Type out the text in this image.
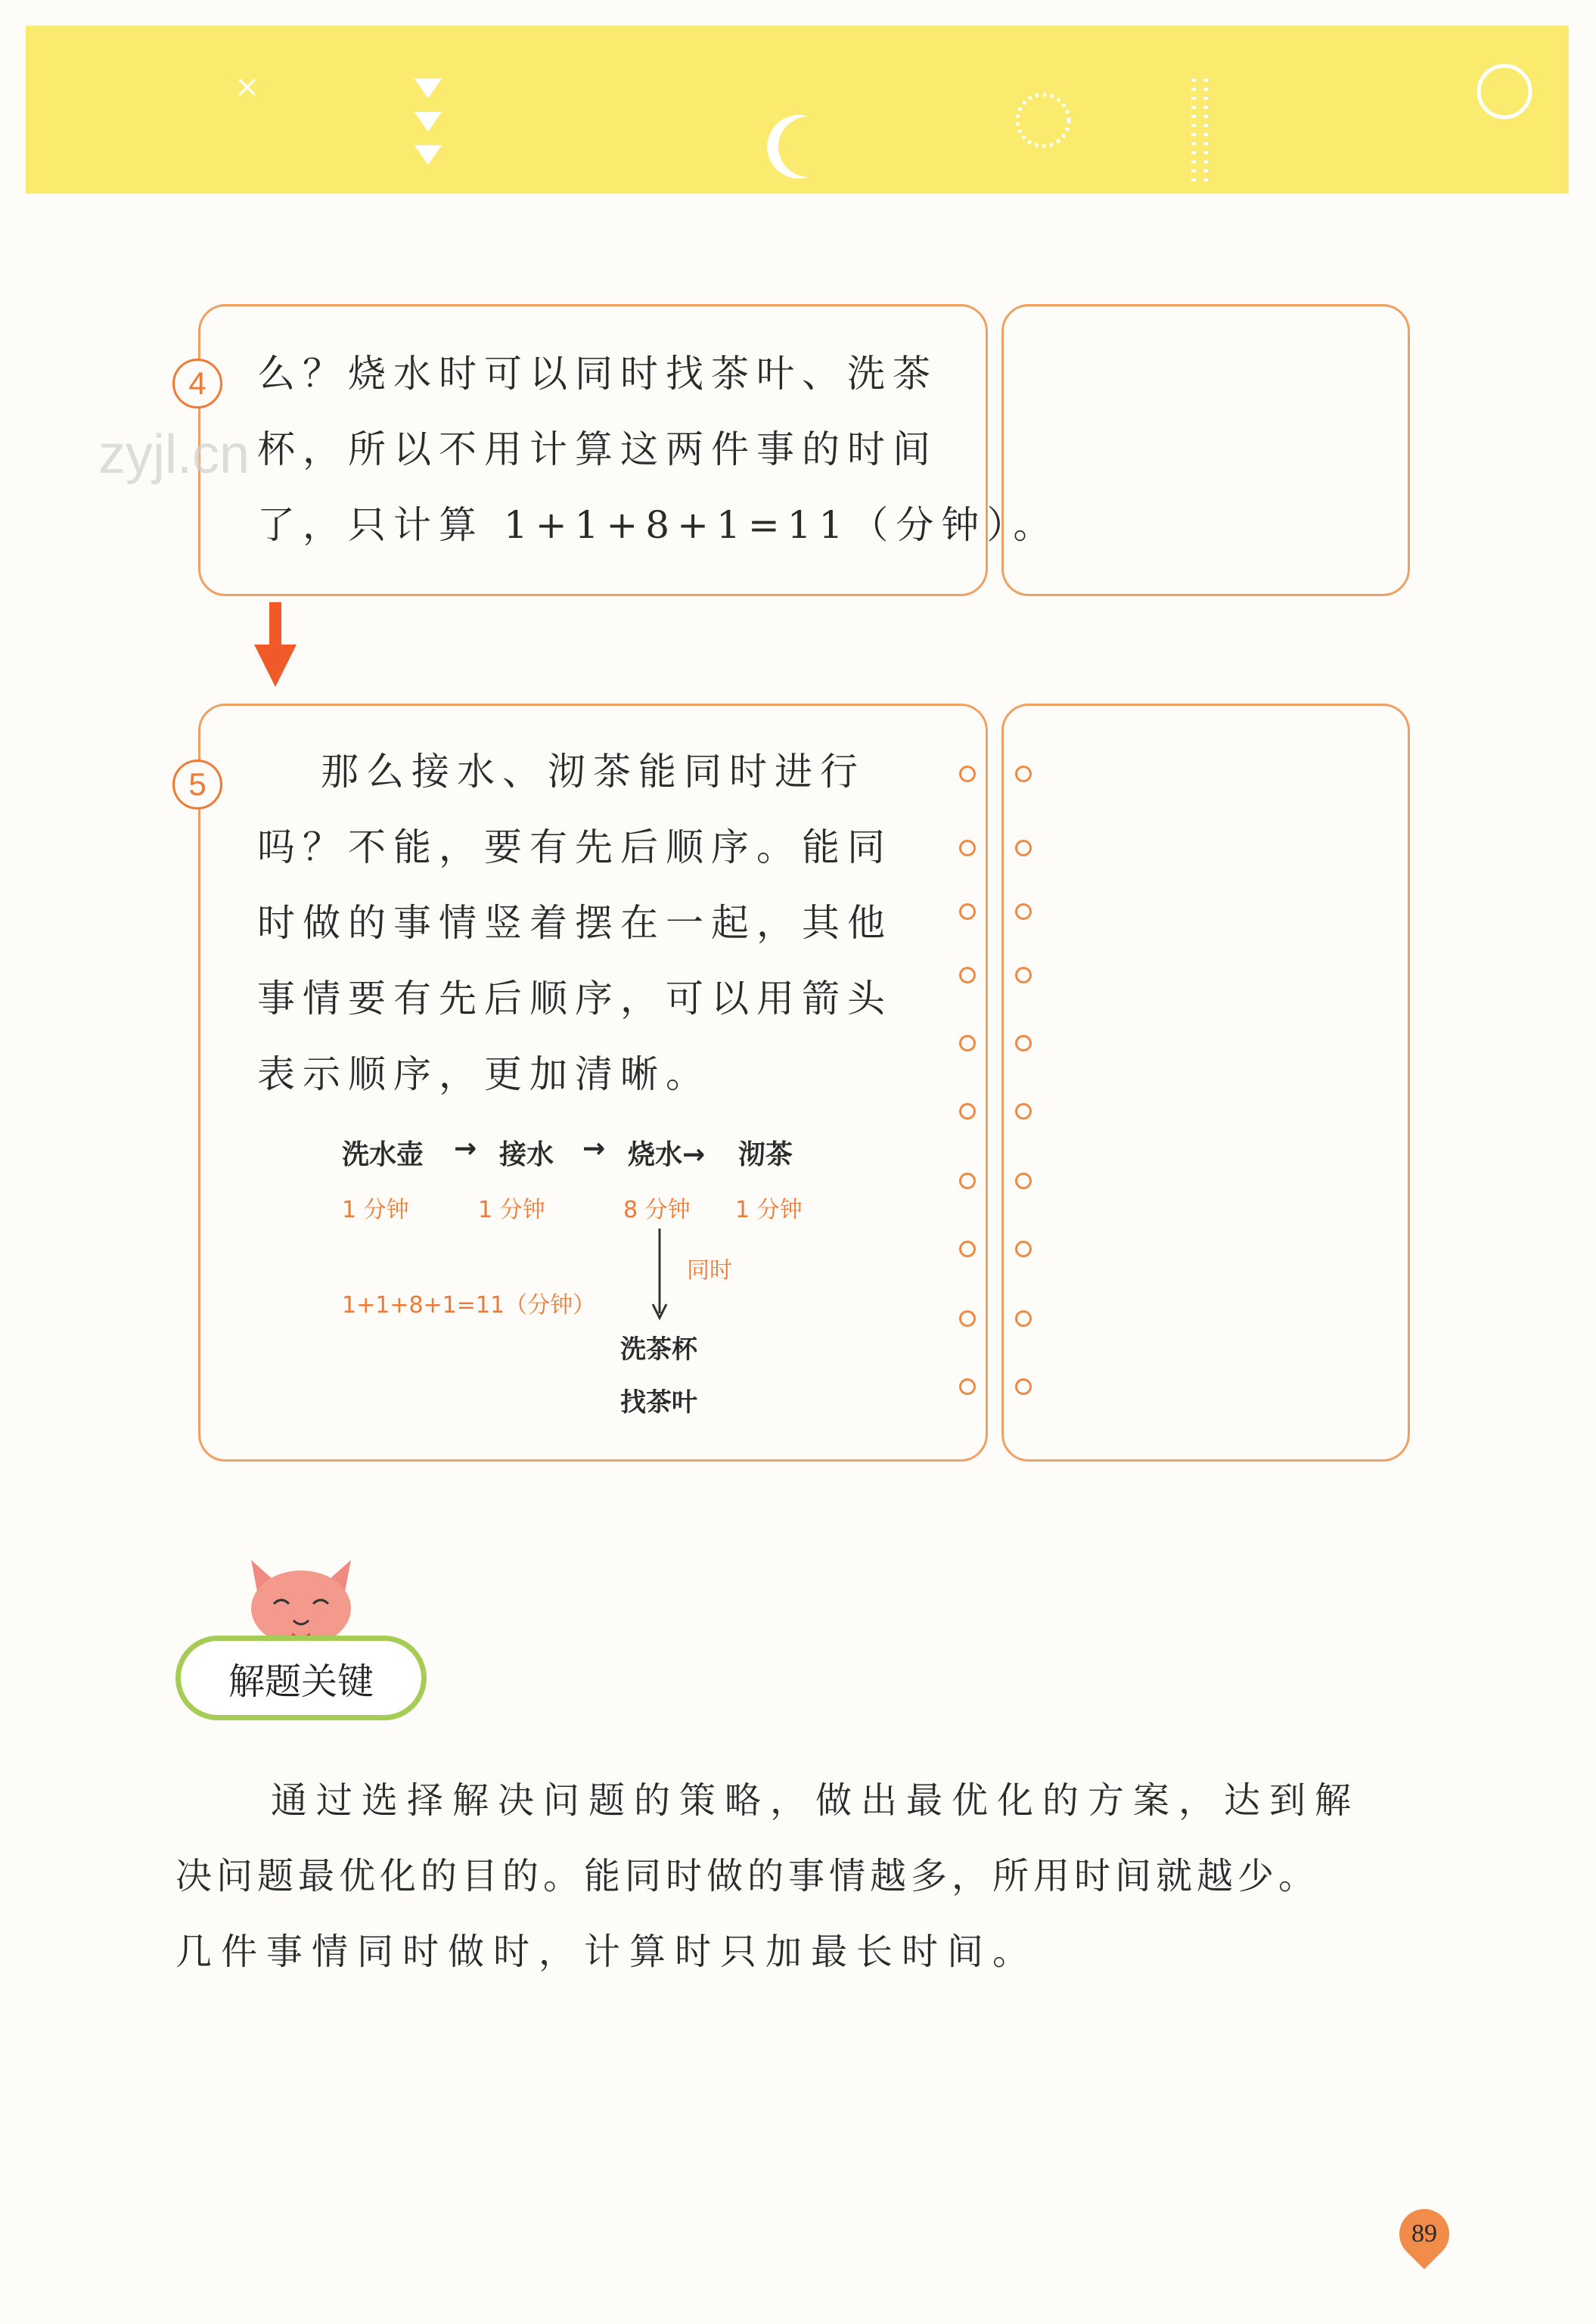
×
4	么？烧水时可以同时找茶叶、洗茶
杯，所以不用计算这两件事的时间
了，只计算 1+1+8+1=11（分钟）。
zyjl.cn
5	那么接水、沏茶能同时进行
吗？不能，要有先后顺序。能同
时做的事情竖着摆在一起，其他
事情要有先后顺序，可以用箭头
表示顺序，更加清晰。
洗水壶 → 接水 → 烧水→ 沏茶
1 分钟	1 分钟	8 分钟 1 分钟
同时
1+1+8+1=11（分钟）
洗茶杯
找茶叶
解题关键
通过选择解决问题的策略，做出最优化的方案，达到解
决问题最优化的目的。能同时做的事情越多，所用时间就越少。
几件事情同时做时，计算时只加最长时间。
89
